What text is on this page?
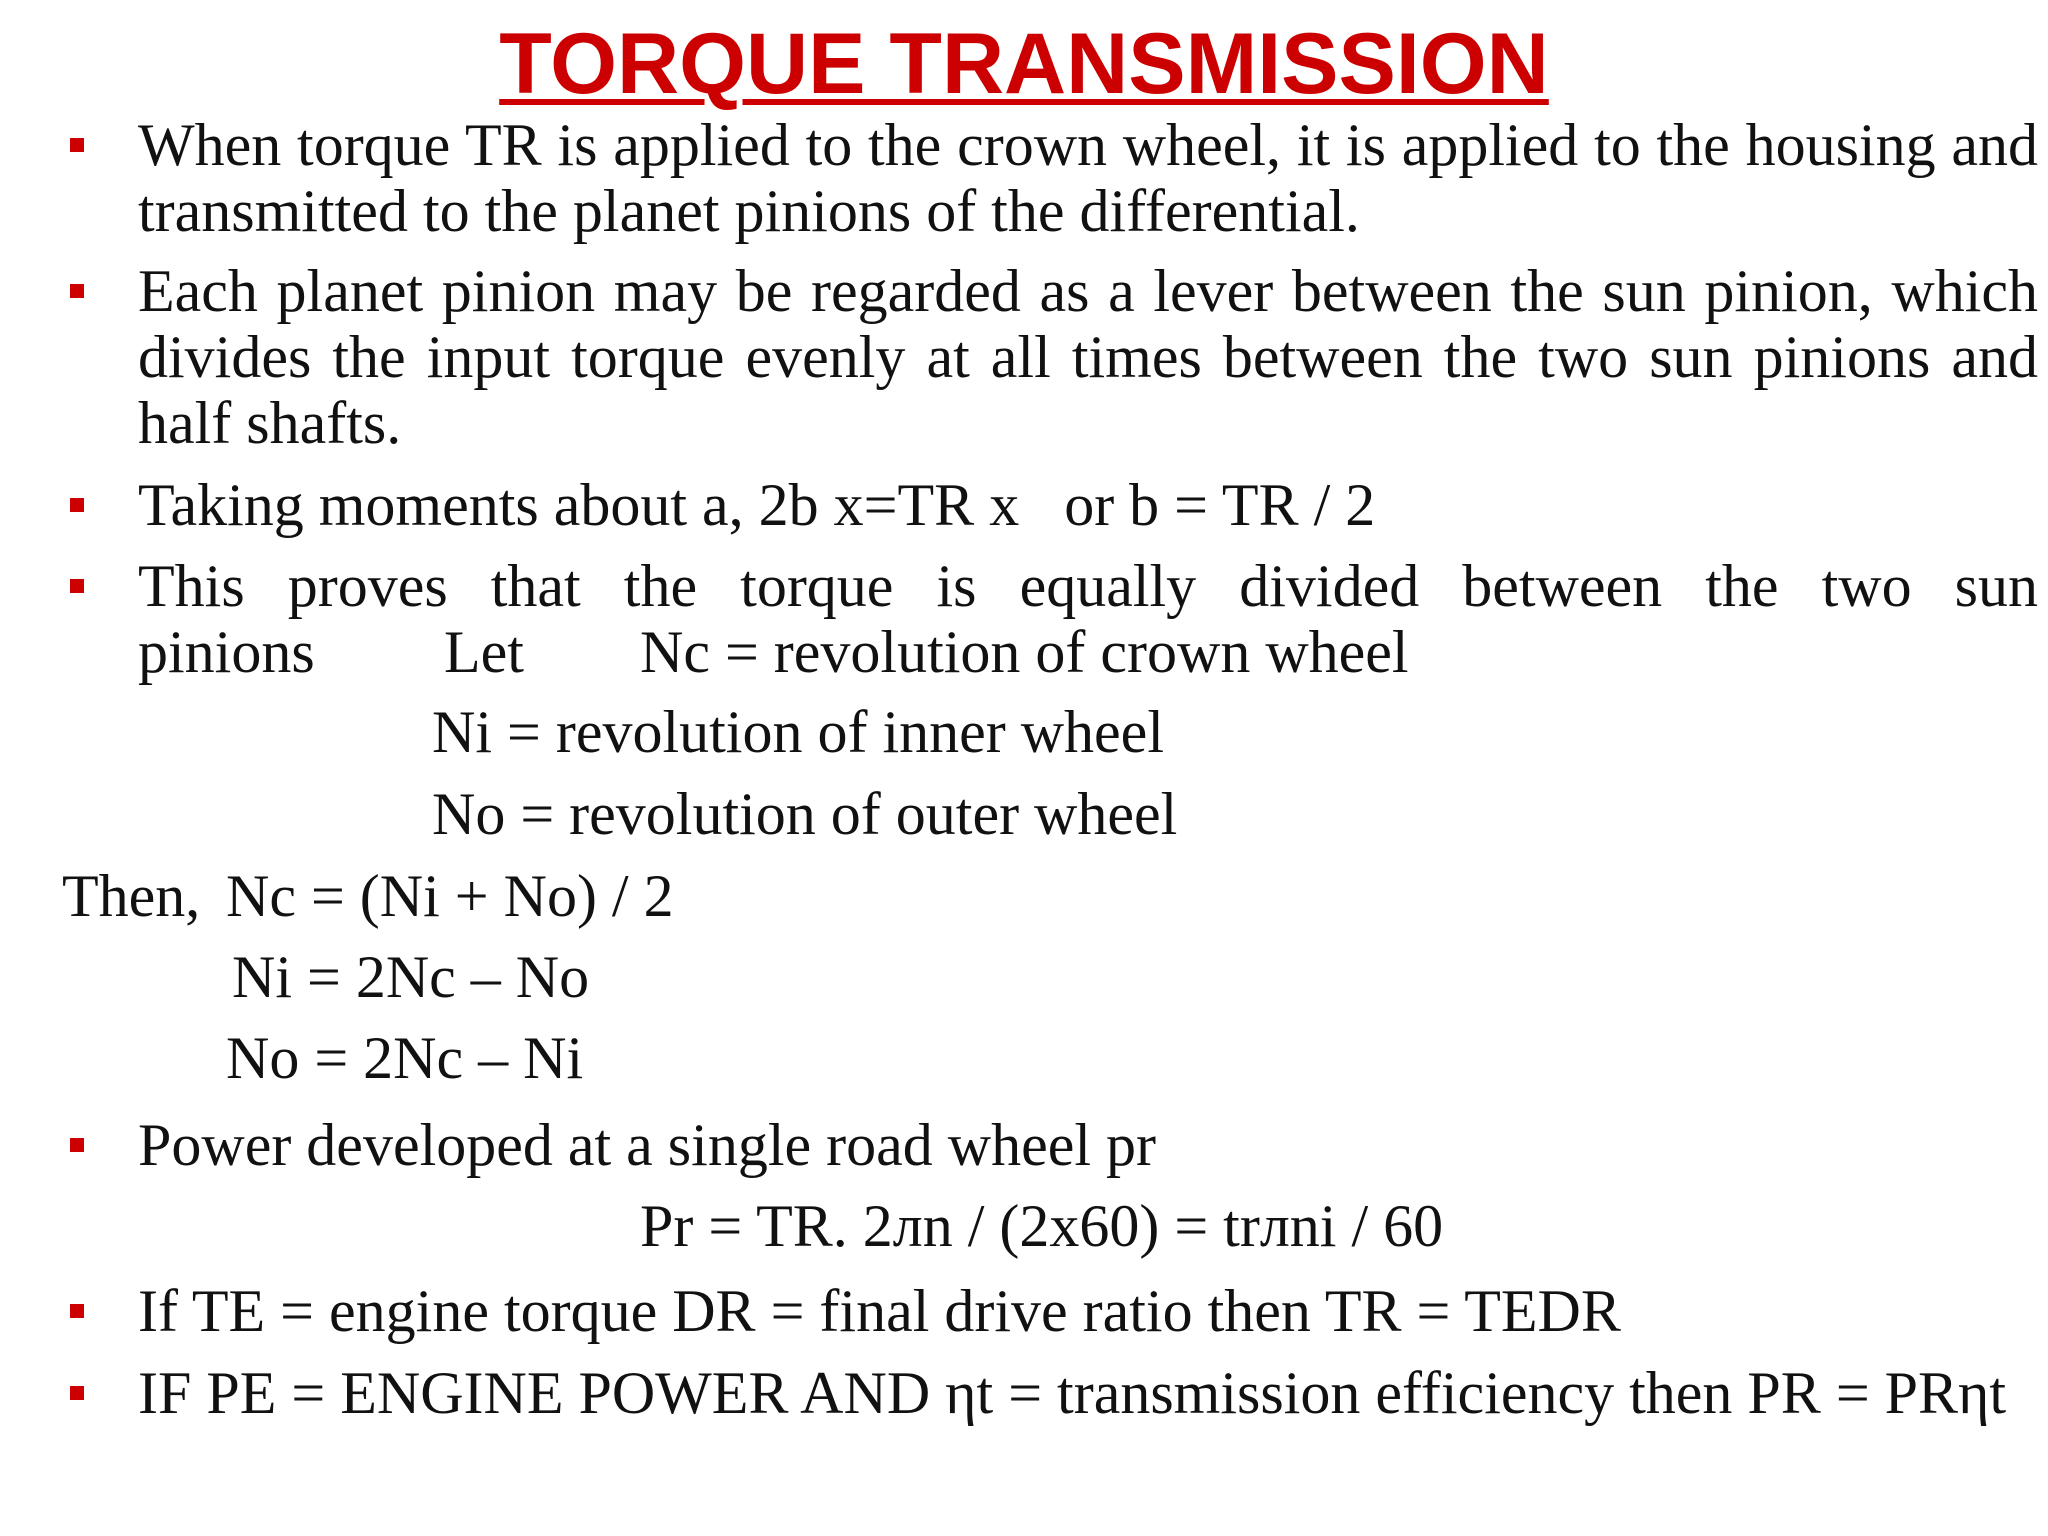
TORQUE TRANSMISSION
When torque TR is applied to the crown wheel, it is applied to the housing and transmitted to the planet pinions of the differential.
Each planet pinion may be regarded as a lever between the sun pinion, which divides the input torque evenly at all times between the two sun pinions and half shafts.
Taking moments about a, 2b x=TR x   or b = TR / 2
This proves that the torque is equally divided between the two sun
pinions Let Nc = revolution of crown wheel
Ni = revolution of inner wheel
No = revolution of outer wheel
Then, Nc = (Ni + No) / 2
Ni = 2Nc – No
No = 2Nc – Ni
Power developed at a single road wheel pr
Pr = TR. 2лn / (2x60) = trлni / 60
If TE = engine torque DR = final drive ratio then TR = TEDR
IF PE = ENGINE POWER AND ηt = transmission efficiency then PR = PRηt
